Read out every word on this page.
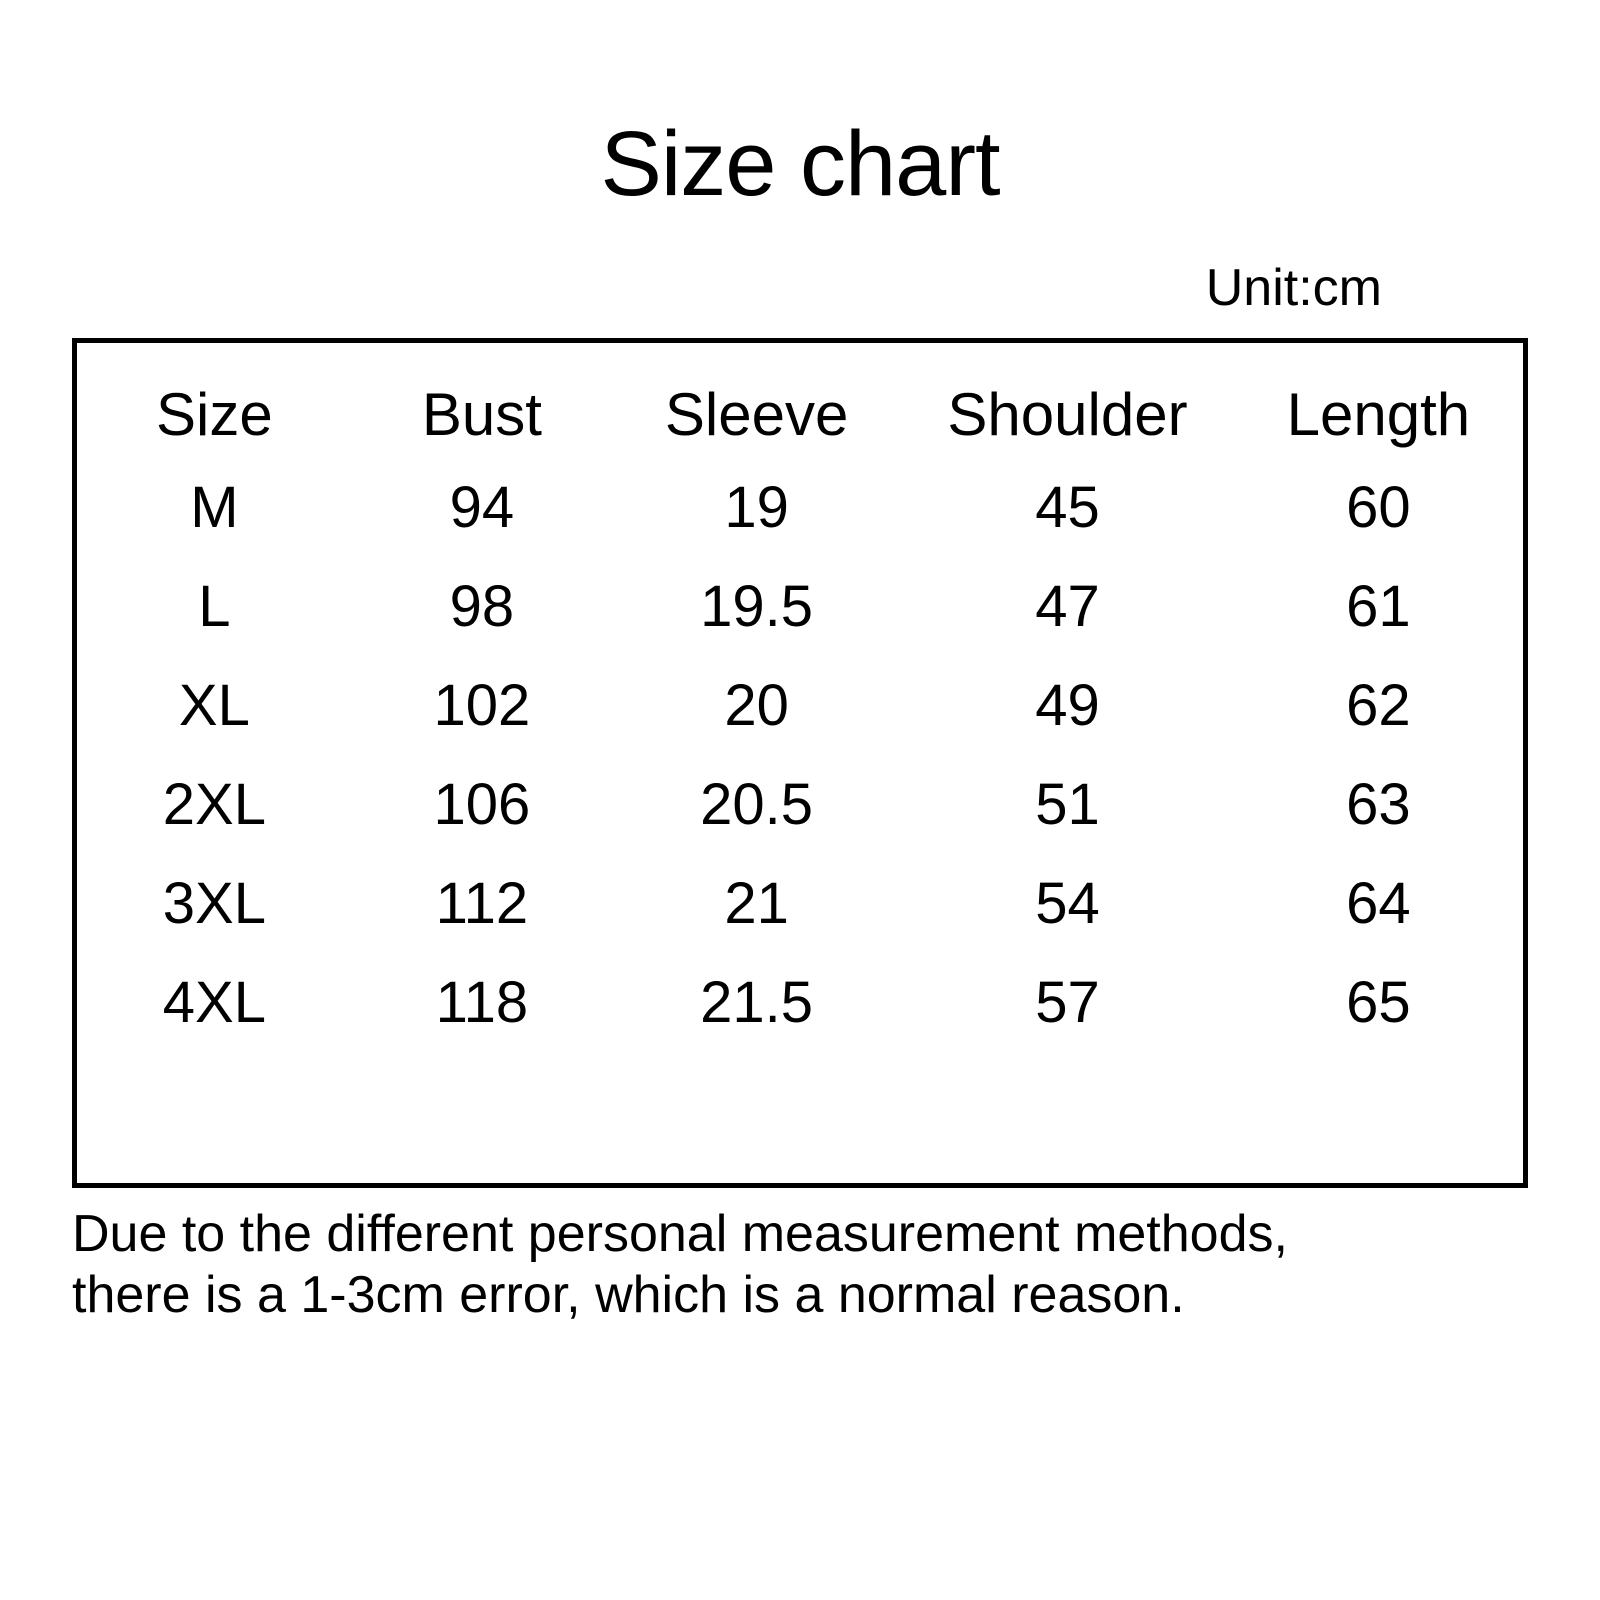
Size chart
Unit:cm
Size	Bust	Sleeve	Shoulder	Length
M	94	19	45	60
L	98	19.5	47	61
XL	102	20	49	62
2XL	106	20.5	51	63
3XL	112	21	54	64
4XL	118	21.5	57	65
Due to the different personal measurement methods,
there is a 1-3cm error, which is a normal reason.
